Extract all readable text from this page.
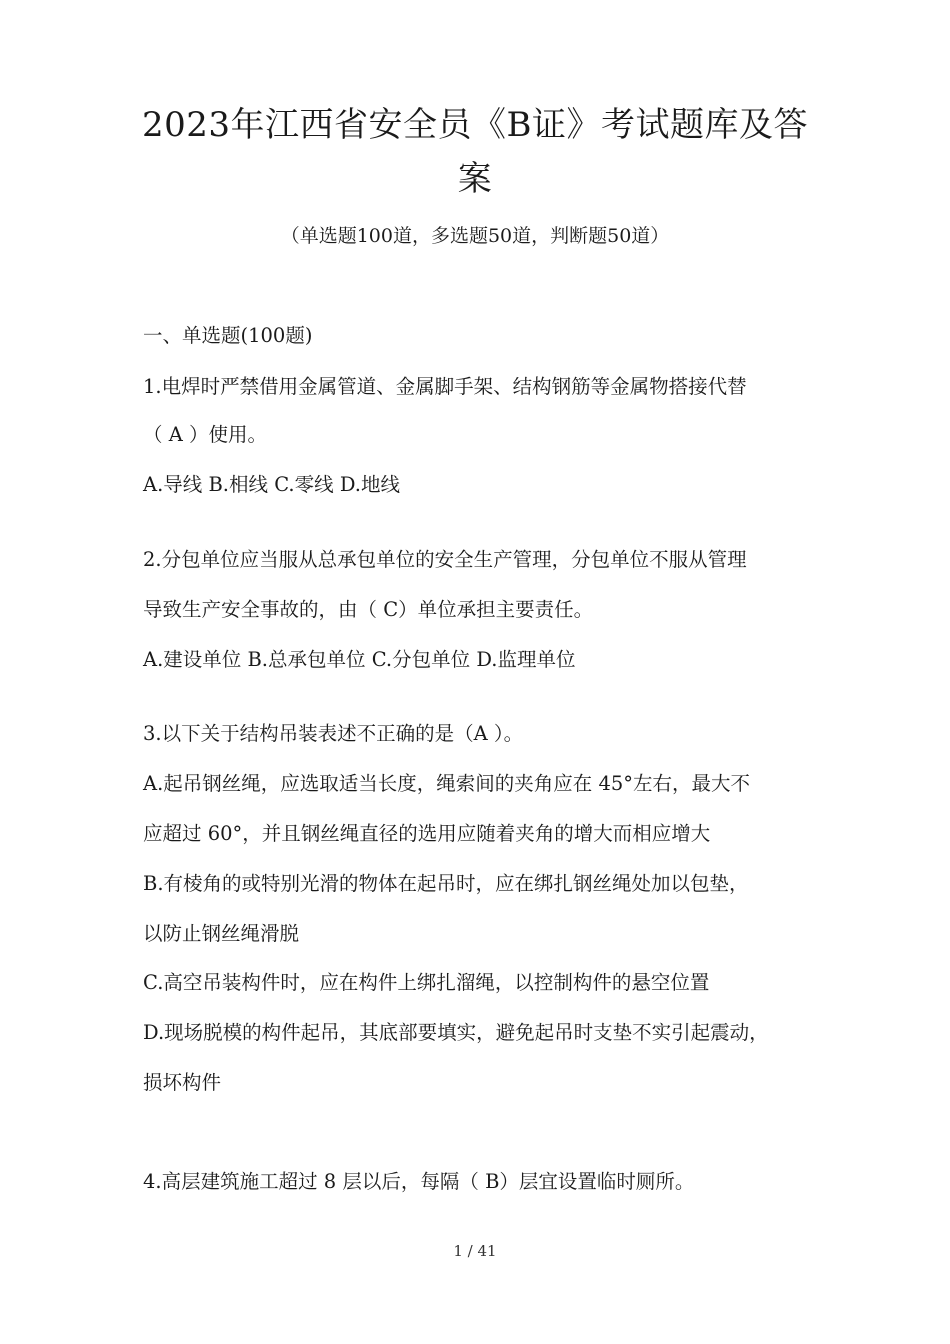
2023年江西省安全员《B证》考试题库及答
案
（单选题100道，多选题50道，判断题50道）
一、单选题(100题)
1.电焊时严禁借用金属管道、金属脚手架、结构钢筋等金属物搭接代替
（ A ）使用。
A.导线 B.相线 C.零线 D.地线
2.分包单位应当服从总承包单位的安全生产管理，分包单位不服从管理
导致生产安全事故的，由（ C）单位承担主要责任。
A.建设单位 B.总承包单位 C.分包单位 D.监理单位
3.以下关于结构吊装表述不正确的是（A ）。
A.起吊钢丝绳，应选取适当长度，绳索间的夹角应在 45°左右，最大不
应超过 60°，并且钢丝绳直径的选用应随着夹角的增大而相应增大
B.有棱角的或特别光滑的物体在起吊时，应在绑扎钢丝绳处加以包垫，
以防止钢丝绳滑脱
C.高空吊装构件时，应在构件上绑扎溜绳，以控制构件的悬空位置
D.现场脱模的构件起吊，其底部要填实，避免起吊时支垫不实引起震动，
损坏构件
4.高层建筑施工超过 8 层以后，每隔（ B）层宜设置临时厕所。
1 / 41
